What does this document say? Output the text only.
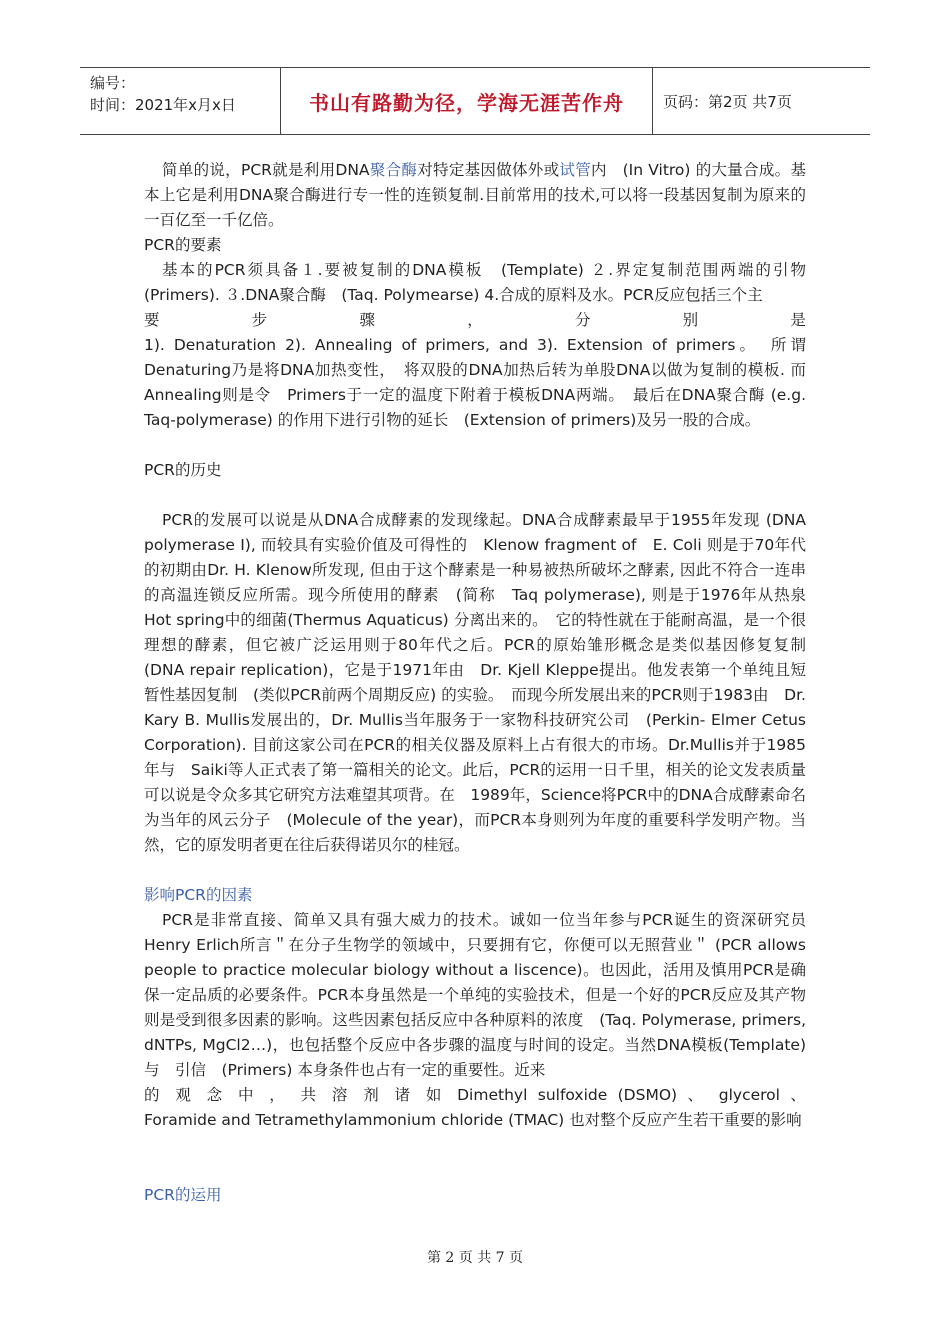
编号：
时间：2021年x月x日	书山有路勤为径，学海无涯苦作舟	页码：第2页 共7页

简单的说，PCR就是利用DNA聚合酶对特定基因做体外或试管内　(In Vitro) 的大量合成。基本上它是利用DNA聚合酶进行专一性的连锁复制.目前常用的技术,可以将一段基因复制为原来的一百亿至一千亿倍。

PCR的要素

基本的PCR须具备１.要被复制的DNA模板　(Template) ２.界定复制范围两端的引物 (Primers). ３.DNA聚合酶　(Taq. Polymearse) 4.合成的原料及水。PCR反应包括三个主

要	步	骤	，	分	别	是

1). Denaturation 2). Annealing of primers, and 3). Extension of primers。　所谓　Denaturing乃是将DNA加热变性，　将双股的DNA加热后转为单股DNA以做为复制的模板. 而Annealing则是令　Primers于一定的温度下附着于模板DNA两端。　最后在DNA聚合酶 (e.g. Taq-polymerase) 的作用下进行引物的延长　(Extension of primers)及另一股的合成。

PCR的历史

PCR的发展可以说是从DNA合成酵素的发现缘起。DNA合成酵素最早于1955年发现 (DNA polymerase I), 而较具有实验价值及可得性的　Klenow fragment of　E. Coli 则是于70年代的初期由Dr. H. Klenow所发现, 但由于这个酵素是一种易被热所破坏之酵素, 因此不符合一连串的高温连锁反应所需。现今所使用的酵素　(简称　Taq polymerase), 则是于1976年从热泉　Hot spring中的细菌(Thermus Aquaticus) 分离出来的。　它的特性就在于能耐高温，是一个很理想的酵素，但它被广泛运用则于80年代之后。PCR的原始雏形概念是类似基因修复复制　(DNA repair replication)，它是于1971年由　Dr. Kjell Kleppe提出。他发表第一个单纯且短暂性基因复制　(类似PCR前两个周期反应) 的实验。　而现今所发展出来的PCR则于1983由　Dr. Kary B. Mullis发展出的，Dr. Mullis当年服务于一家物科技研究公司　(Perkin- Elmer Cetus Corporation). 目前这家公司在PCR的相关仪器及原料上占有很大的市场。Dr.Mullis并于1985年与　Saiki等人正式表了第一篇相关的论文。此后，PCR的运用一日千里，相关的论文发表质量可以说是令众多其它研究方法难望其项背。在　1989年，Science将PCR中的DNA合成酵素命名为当年的风云分子　(Molecule of the year)，而PCR本身则列为年度的重要科学发明产物。当然，它的原发明者更在往后获得诺贝尔的桂冠。

影响PCR的因素

PCR是非常直接、简单又具有强大威力的技术。诚如一位当年参与PCR诞生的资深研究员Henry Erlich所言＂在分子生物学的领域中，只要拥有它，你便可以无照营业＂ (PCR allows people to practice molecular biology without a liscence)。也因此，活用及慎用PCR是确保一定品质的必要条件。PCR本身虽然是一个单纯的实验技术，但是一个好的PCR反应及其产物则是受到很多因素的影响。这些因素包括反应中各种原料的浓度　(Taq. Polymerase, primers, dNTPs, MgCl2…)，也包括整个反应中各步骤的温度与时间的设定。当然DNA模板(Template)与　引信　(Primers) 本身条件也占有一定的重要性。近来

的 观 念 中 ， 共 溶 剂 诸 如 Dimethyl sulfoxide (DSMO) 、 glycerol 、

Foramide and Tetramethylammonium chloride (TMAC) 也对整个反应产生若干重要的影响

PCR的运用

第 2 页 共 7 页
